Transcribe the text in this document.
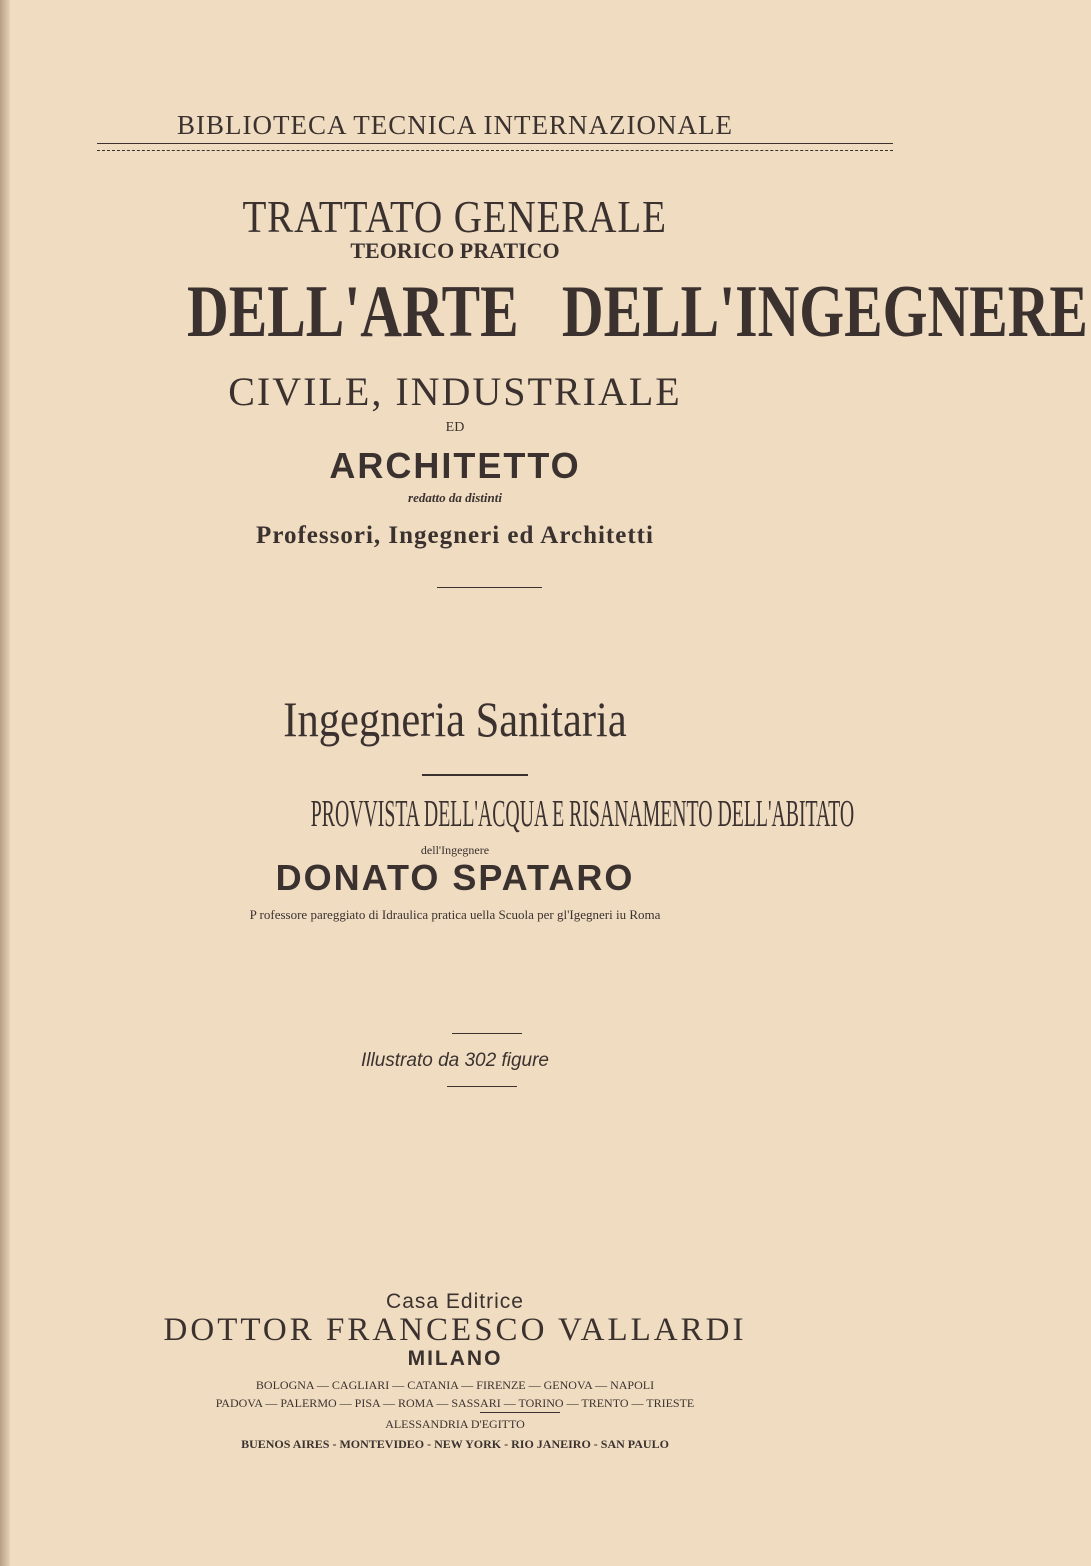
BIBLIOTECA TECNICA INTERNAZIONALE
TRATTATO GENERALE
TEORICO PRATICO
DELL'ARTE   DELL'INGEGNERE
CIVILE, INDUSTRIALE
ED
ARCHITETTO
redatto da distinti
Professori, Ingegneri ed Architetti
Ingegneria Sanitaria
PROVVISTA DELL'ACQUA E RISANAMENTO DELL'ABITATO
dell'Ingegnere
DONATO SPATARO
P rofessore pareggiato di Idraulica pratica uella Scuola per gl'Igegneri iu Roma
Illustrato da 302 figure
Casa Editrice
DOTTOR FRANCESCO VALLARDI
MILANO
BOLOGNA — CAGLIARI — CATANIA — FIRENZE — GENOVA — NAPOLI
PADOVA — PALERMO — PISA — ROMA — SASSARI — TORINO — TRENTO — TRIESTE
ALESSANDRIA D'EGITTO
BUENOS AIRES - MONTEVIDEO - NEW YORK - RIO JANEIRO - SAN PAULO
